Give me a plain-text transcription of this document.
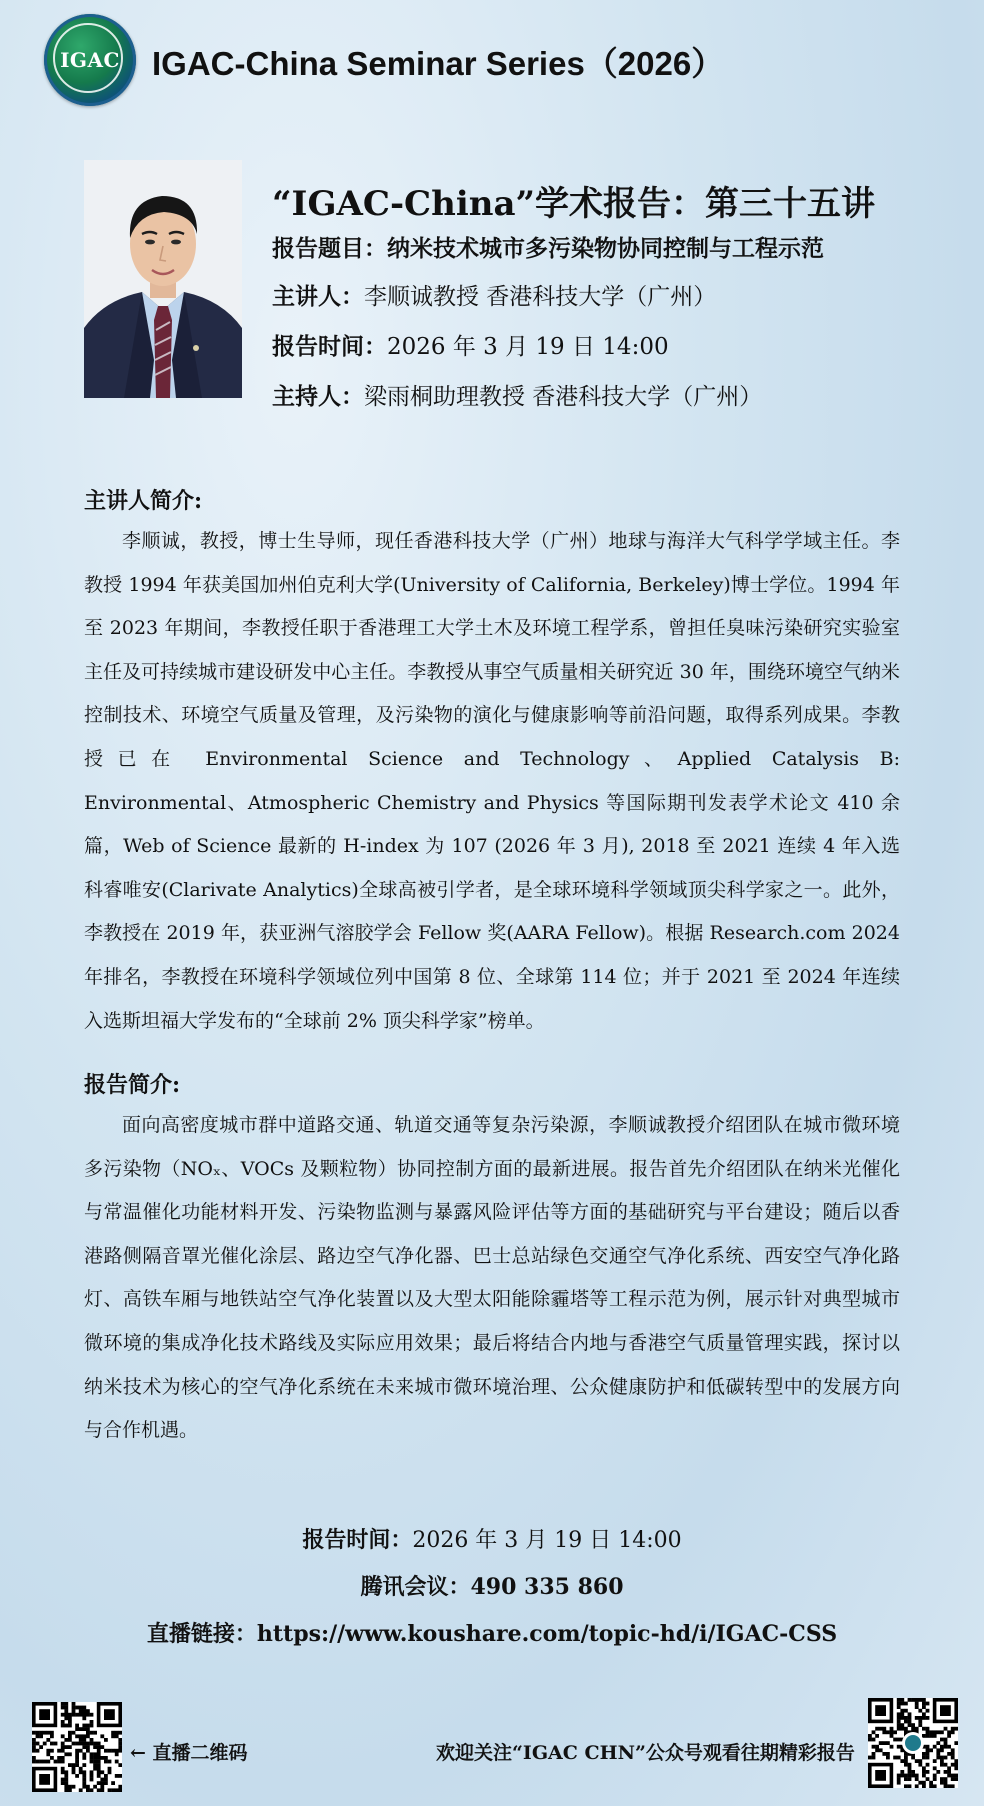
IGAC IGAC-China Seminar Series（2026）
“IGAC-China”学术报告：第三十五讲
报告题目：纳米技术城市多污染物协同控制与工程示范
主讲人：李顺诚教授 香港科技大学（广州）
报告时间：2026 年 3 月 19 日 14:00
主持人：梁雨桐助理教授 香港科技大学（广州）
主讲人简介:

李顺诚，教授，博士生导师，现任香港科技大学（广州）地球与海洋大气科学学域主任。李教授 1994 年获美国加州伯克利大学(University of California, Berkeley)博士学位。1994 年至 2023 年期间，李教授任职于香港理工大学土木及环境工程学系，曾担任臭味污染研究实验室主任及可持续城市建设研发中心主任。李教授从事空气质量相关研究近 30 年，围绕环境空气纳米控制技术、环境空气质量及管理，及污染物的演化与健康影响等前沿问题，取得系列成果。李教授已在 Environmental Science and Technology、Applied Catalysis B: Environmental、Atmospheric Chemistry and Physics 等国际期刊发表学术论文 410 余篇，Web of Science 最新的 H-index 为 107 (2026 年 3 月), 2018 至 2021 连续 4 年入选科睿唯安(Clarivate Analytics)全球高被引学者，是全球环境科学领域顶尖科学家之一。此外，李教授在 2019 年，获亚洲气溶胶学会 Fellow 奖(AARA Fellow)。根据 Research.com 2024 年排名，李教授在环境科学领域位列中国第 8 位、全球第 114 位；并于 2021 至 2024 年连续入选斯坦福大学发布的“全球前 2% 顶尖科学家”榜单。

报告简介:

面向高密度城市群中道路交通、轨道交通等复杂污染源，李顺诚教授介绍团队在城市微环境多污染物（NOₓ、VOCs 及颗粒物）协同控制方面的最新进展。报告首先介绍团队在纳米光催化与常温催化功能材料开发、污染物监测与暴露风险评估等方面的基础研究与平台建设；随后以香港路侧隔音罩光催化涂层、路边空气净化器、巴士总站绿色交通空气净化系统、西安空气净化路灯、高铁车厢与地铁站空气净化装置以及大型太阳能除霾塔等工程示范为例，展示针对典型城市微环境的集成净化技术路线及实际应用效果；最后将结合内地与香港空气质量管理实践，探讨以纳米技术为核心的空气净化系统在未来城市微环境治理、公众健康防护和低碳转型中的发展方向与合作机遇。

报告时间：2026 年 3 月 19 日 14:00
腾讯会议：490 335 860
直播链接：https://www.koushare.com/topic-hd/i/IGAC-CSS
← 直播二维码	欢迎关注“IGAC CHN”公众号观看往期精彩报告
